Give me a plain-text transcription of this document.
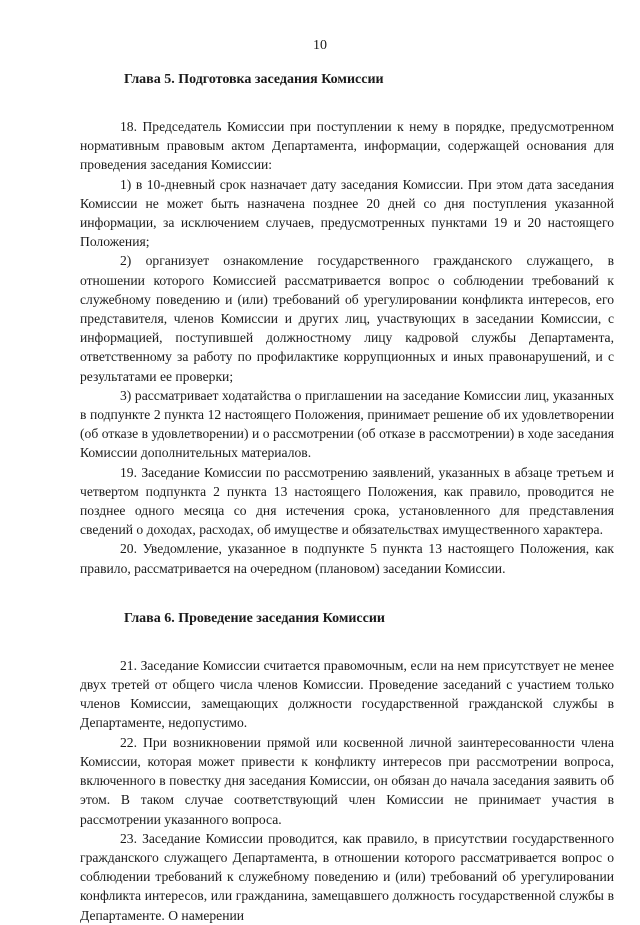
10
Глава 5. Подготовка заседания Комиссии

18. Председатель Комиссии при поступлении к нему в порядке, предусмотренном нормативным правовым актом Департамента, информации, содержащей основания для проведения заседания Комиссии:

1) в 10-дневный срок назначает дату заседания Комиссии. При этом дата заседания Комиссии не может быть назначена позднее 20 дней со дня поступления указанной информации, за исключением случаев, предусмотренных пунктами 19 и 20 настоящего Положения;

2) организует ознакомление государственного гражданского служащего, в отношении которого Комиссией рассматривается вопрос о соблюдении требований к служебному поведению и (или) требований об урегулировании конфликта интересов, его представителя, членов Комиссии и других лиц, участвующих в заседании Комиссии, с информацией, поступившей должностному лицу кадровой службы Департамента, ответственному за работу по профилактике коррупционных и иных правонарушений, и с результатами ее проверки;

3) рассматривает ходатайства о приглашении на заседание Комиссии лиц, указанных в подпункте 2 пункта 12 настоящего Положения, принимает решение об их удовлетворении (об отказе в удовлетворении) и о рассмотрении (об отказе в рассмотрении) в ходе заседания Комиссии дополнительных материалов.

19. Заседание Комиссии по рассмотрению заявлений, указанных в абзаце третьем и четвертом подпункта 2 пункта 13 настоящего Положения, как правило, проводится не позднее одного месяца со дня истечения срока, установленного для представления сведений о доходах, расходах, об имуществе и обязательствах имущественного характера.

20. Уведомление, указанное в подпункте 5 пункта 13 настоящего Положения, как правило, рассматривается на очередном (плановом) заседании Комиссии.

Глава 6. Проведение заседания Комиссии

21. Заседание Комиссии считается правомочным, если на нем присутствует не менее двух третей от общего числа членов Комиссии. Проведение заседаний с участием только членов Комиссии, замещающих должности государственной гражданской службы в Департаменте, недопустимо.

22. При возникновении прямой или косвенной личной заинтересованности члена Комиссии, которая может привести к конфликту интересов при рассмотрении вопроса, включенного в повестку дня заседания Комиссии, он обязан до начала заседания заявить об этом. В таком случае соответствующий член Комиссии не принимает участия в рассмотрении указанного вопроса.

23. Заседание Комиссии проводится, как правило, в присутствии государственного гражданского служащего Департамента, в отношении которого рассматривается вопрос о соблюдении требований к служебному поведению и (или) требований об урегулировании конфликта интересов, или гражданина, замещавшего должность государственной службы в Департаменте. О намерении
